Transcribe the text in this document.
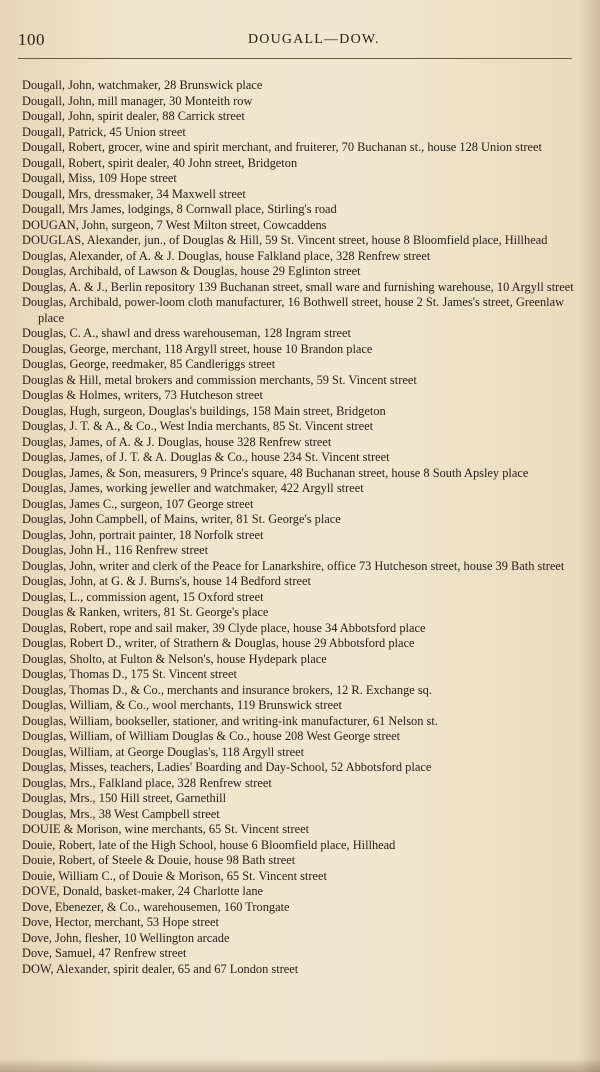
100	DOUGALL—DOW.
Dougall, John, watchmaker, 28 Brunswick place
Dougall, John, mill manager, 30 Monteith row
Dougall, John, spirit dealer, 88 Carrick street
Dougall, Patrick, 45 Union street
Dougall, Robert, grocer, wine and spirit merchant, and fruiterer, 70 Buchanan st., house 128 Union street
Dougall, Robert, spirit dealer, 40 John street, Bridgeton
Dougall, Miss, 109 Hope street
Dougall, Mrs, dressmaker, 34 Maxwell street
Dougall, Mrs James, lodgings, 8 Cornwall place, Stirling's road
DOUGAN, John, surgeon, 7 West Milton street, Cowcaddens
DOUGLAS, Alexander, jun., of Douglas & Hill, 59 St. Vincent street, house 8 Bloomfield place, Hillhead
Douglas, Alexander, of A. & J. Douglas, house Falkland place, 328 Renfrew street
Douglas, Archibald, of Lawson & Douglas, house 29 Eglinton street
Douglas, A. & J., Berlin repository 139 Buchanan street, small ware and furnishing warehouse, 10 Argyll street
Douglas, Archibald, power-loom cloth manufacturer, 16 Bothwell street, house 2 St. James's street, Greenlaw place
Douglas, C. A., shawl and dress warehouseman, 128 Ingram street
Douglas, George, merchant, 118 Argyll street, house 10 Brandon place
Douglas, George, reedmaker, 85 Candleriggs street
Douglas & Hill, metal brokers and commission merchants, 59 St. Vincent street
Douglas & Holmes, writers, 73 Hutcheson street
Douglas, Hugh, surgeon, Douglas's buildings, 158 Main street, Bridgeton
Douglas, J. T. & A., & Co., West India merchants, 85 St. Vincent street
Douglas, James, of A. & J. Douglas, house 328 Renfrew street
Douglas, James, of J. T. & A. Douglas & Co., house 234 St. Vincent street
Douglas, James, & Son, measurers, 9 Prince's square, 48 Buchanan street, house 8 South Apsley place
Douglas, James, working jeweller and watchmaker, 422 Argyll street
Douglas, James C., surgeon, 107 George street
Douglas, John Campbell, of Mains, writer, 81 St. George's place
Douglas, John, portrait painter, 18 Norfolk street
Douglas, John H., 116 Renfrew street
Douglas, John, writer and clerk of the Peace for Lanarkshire, office 73 Hutcheson street, house 39 Bath street
Douglas, John, at G. & J. Burns's, house 14 Bedford street
Douglas, L., commission agent, 15 Oxford street
Douglas & Ranken, writers, 81 St. George's place
Douglas, Robert, rope and sail maker, 39 Clyde place, house 34 Abbotsford place
Douglas, Robert D., writer, of Strathern & Douglas, house 29 Abbotsford place
Douglas, Sholto, at Fulton & Nelson's, house Hydepark place
Douglas, Thomas D., 175 St. Vincent street
Douglas, Thomas D., & Co., merchants and insurance brokers, 12 R. Exchange sq.
Douglas, William, & Co., wool merchants, 119 Brunswick street
Douglas, William, bookseller, stationer, and writing-ink manufacturer, 61 Nelson st.
Douglas, William, of William Douglas & Co., house 208 West George street
Douglas, William, at George Douglas's, 118 Argyll street
Douglas, Misses, teachers, Ladies' Boarding and Day-School, 52 Abbotsford place
Douglas, Mrs., Falkland place, 328 Renfrew street
Douglas, Mrs., 150 Hill street, Garnethill
Douglas, Mrs., 38 West Campbell street
DOUIE & Morison, wine merchants, 65 St. Vincent street
Douie, Robert, late of the High School, house 6 Bloomfield place, Hillhead
Douie, Robert, of Steele & Douie, house 98 Bath street
Douie, William C., of Douie & Morison, 65 St. Vincent street
DOVE, Donald, basket-maker, 24 Charlotte lane
Dove, Ebenezer, & Co., warehousemen, 160 Trongate
Dove, Hector, merchant, 53 Hope street
Dove, John, flesher, 10 Wellington arcade
Dove, Samuel, 47 Renfrew street
DOW, Alexander, spirit dealer, 65 and 67 London street
